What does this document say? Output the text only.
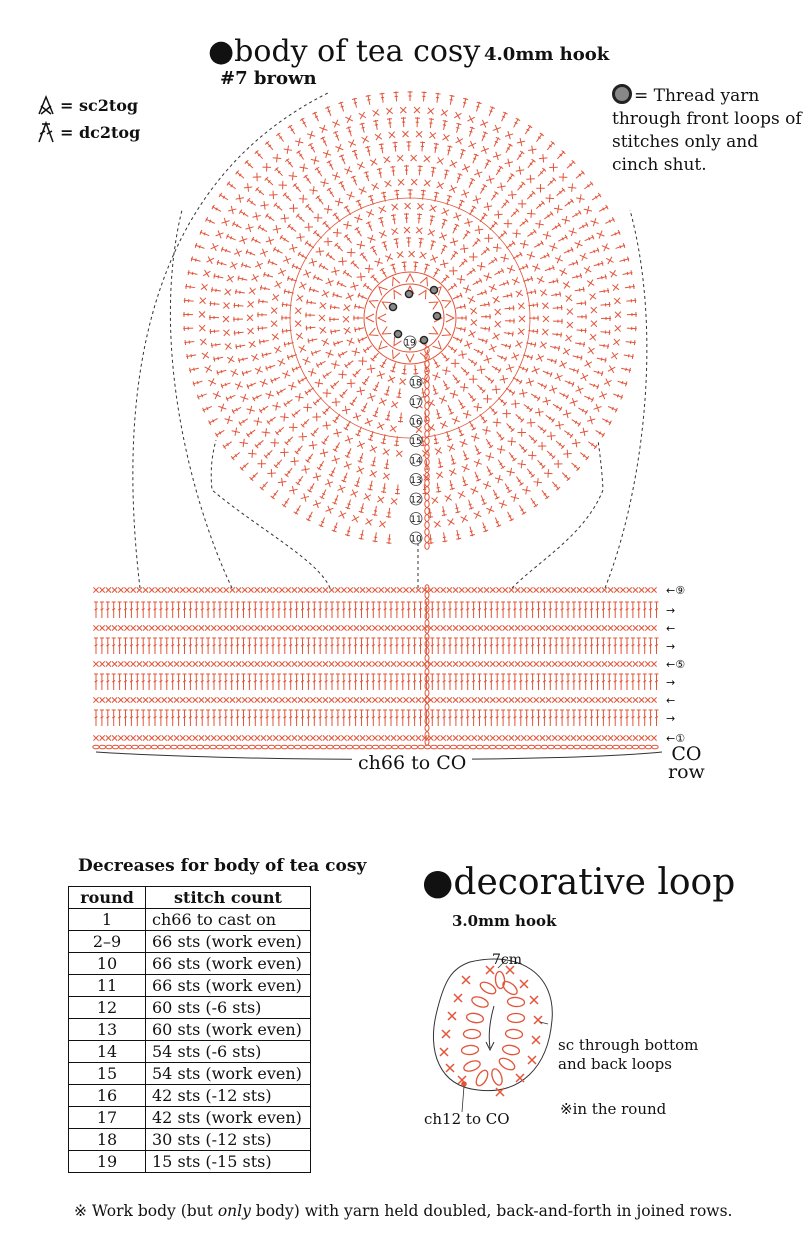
19
18
17
16
15
14
13
12
11
10
←⑨
→
←
→
←⑤
→
←
→
←①
●body of tea cosy 4.0mm hook
#7 brown
= sc2tog
= dc2tog
= Thread yarn through front loops of stitches only and cinch shut.
ch66 to CO	CO
row
Decreases for body of tea cosy
round	stitch count
1	ch66 to cast on
2–9	66 sts (work even)
10	66 sts (work even)
11	66 sts (work even)
12	60 sts (-6 sts)
13	60 sts (work even)
14	54 sts (-6 sts)
15	54 sts (work even)
16	42 sts (-12 sts)
17	42 sts (work even)
18	30 sts (-12 sts)
19	15 sts (-15 sts)
●decorative loop
3.0mm hook
7cm
sc through bottom
and back loops
ch12 to CO
※in the round
※ Work body (but only body) with yarn held doubled, back-and-forth in joined rows.
